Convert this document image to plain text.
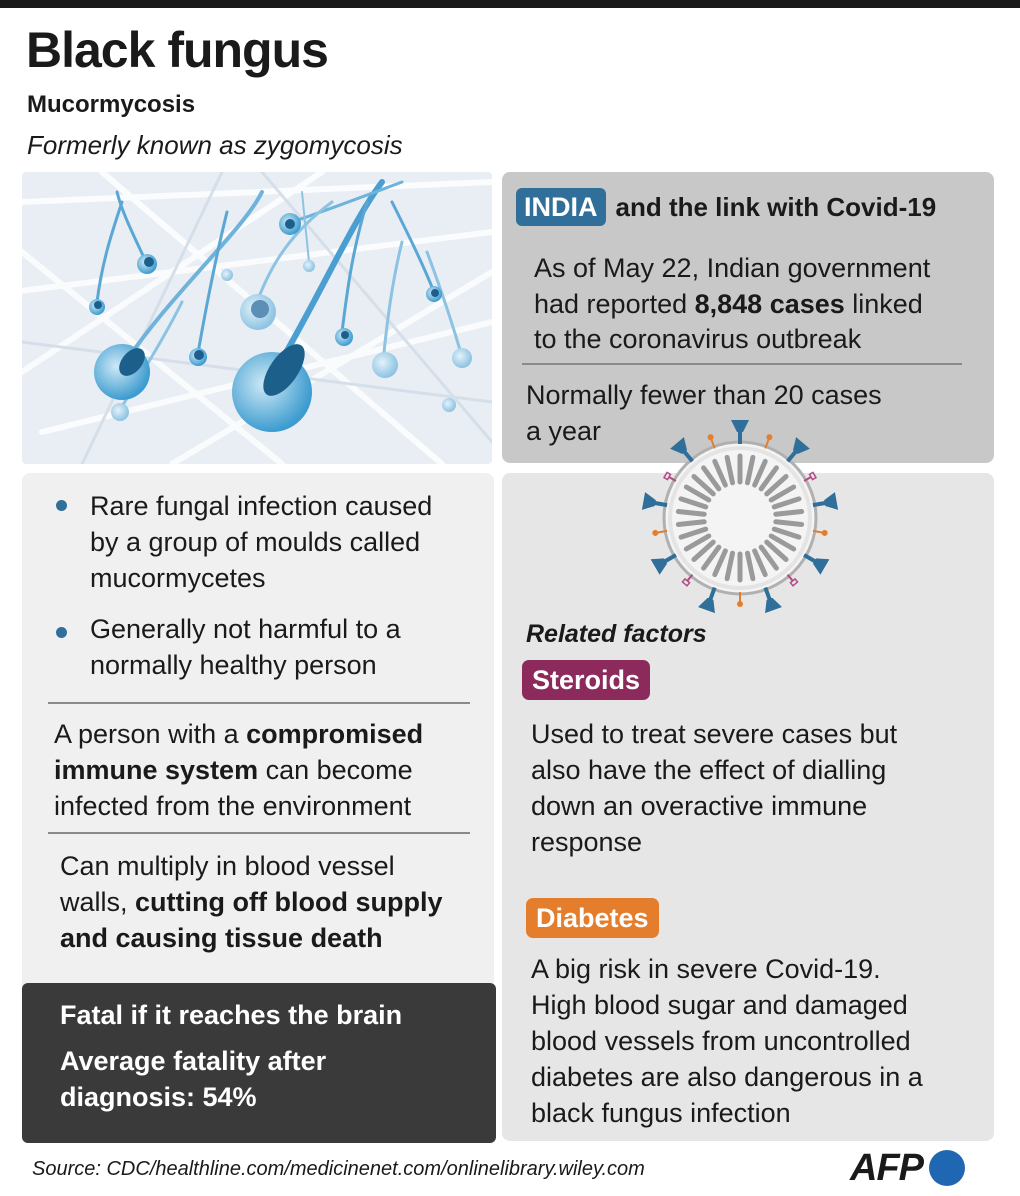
Black fungus
Mucormycosis
Formerly known as zygomycosis
INDIA and the link with Covid-19
As of May 22, Indian government
had reported 8,848 cases linked
to the coronavirus outbreak
Normally fewer than 20 cases
a year
Rare fungal infection caused
by a group of moulds called
mucormycetes
Generally not harmful to a
normally healthy person
A person with a compromised
immune system can become
infected from the environment
Can multiply in blood vessel
walls, cutting off blood supply
and causing tissue death
Fatal if it reaches the brain
Average fatality after
diagnosis: 54%
Related factors
Steroids
Used to treat severe cases but
also have the effect of dialling
down an overactive immune
response
Diabetes
A big risk in severe Covid-19.
High blood sugar and damaged
blood vessels from uncontrolled
diabetes are also dangerous in a
black fungus infection
Source: CDC/healthline.com/medicinenet.com/onlinelibrary.wiley.com	AFP
